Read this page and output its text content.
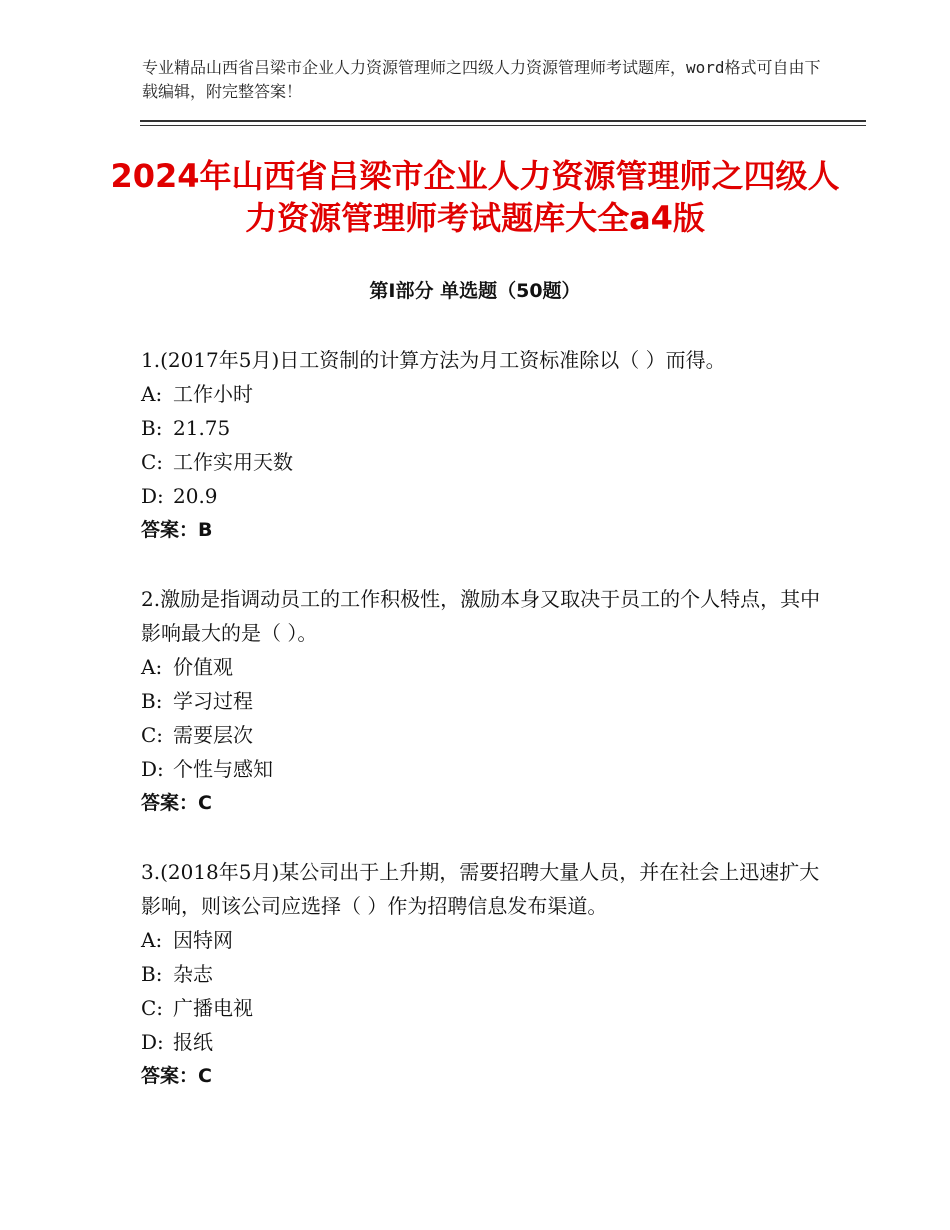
专业精品山西省吕梁市企业人力资源管理师之四级人力资源管理师考试题库，word格式可自由下载编辑，附完整答案！
2024年山西省吕梁市企业人力资源管理师之四级人力资源管理师考试题库大全a4版
第Ⅰ部分 单选题（50题）

1.(2017年5月)日工资制的计算方法为月工资标准除以（ ）而得。

A: 工作小时
B: 21.75
C: 工作实用天数
D: 20.9
答案：B

2.激励是指调动员工的工作积极性，激励本身又取决于员工的个人特点，其中影响最大的是（ ）。

A: 价值观
B: 学习过程
C: 需要层次
D: 个性与感知
答案：C

3.(2018年5月)某公司出于上升期，需要招聘大量人员，并在社会上迅速扩大影响，则该公司应选择（ ）作为招聘信息发布渠道。

A: 因特网
B: 杂志
C: 广播电视
D: 报纸
答案：C
